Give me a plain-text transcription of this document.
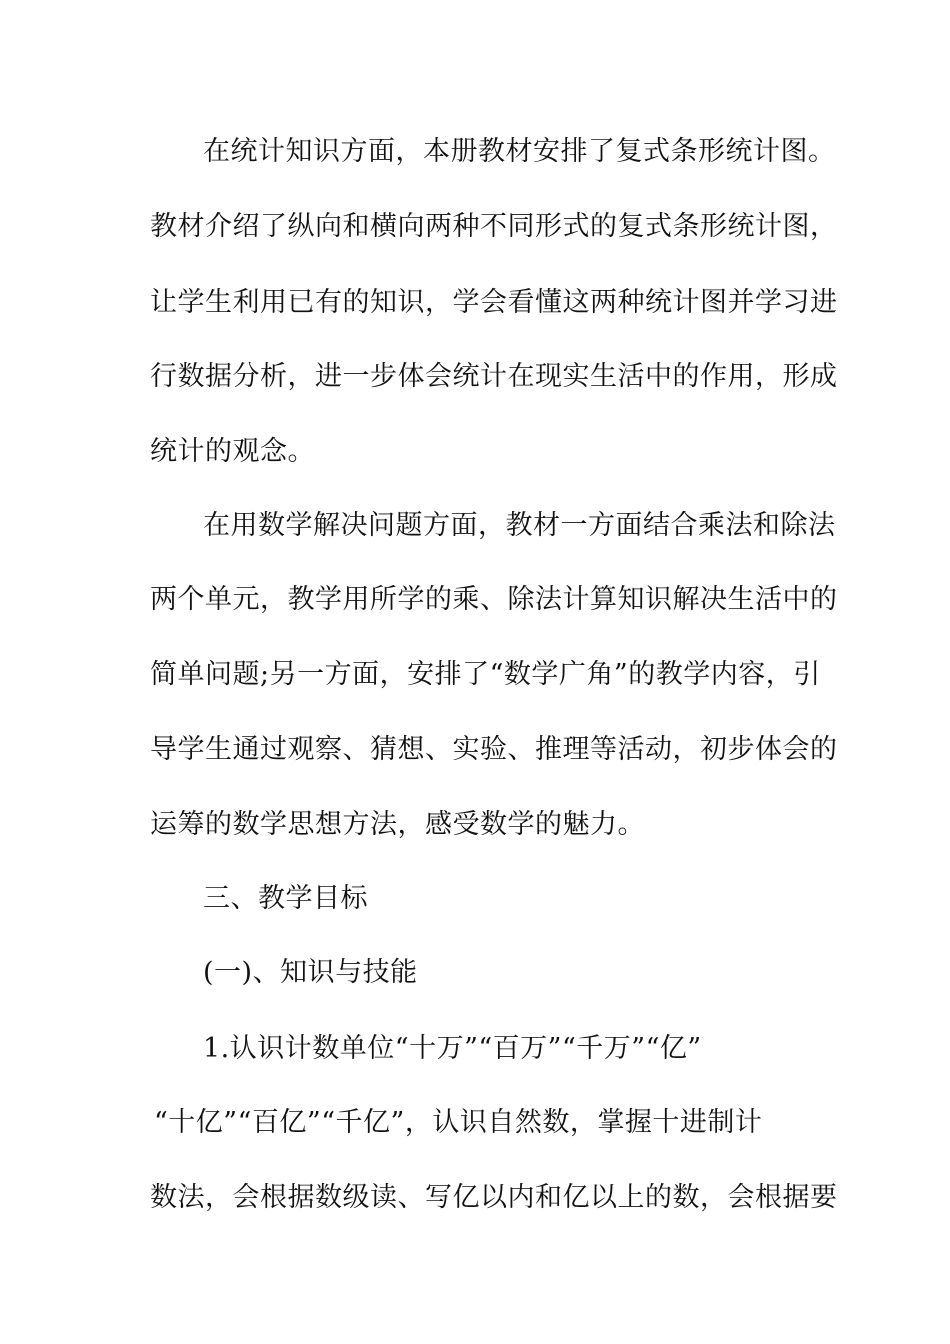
在统计知识方面，本册教材安排了复式条形统计图。
教材介绍了纵向和横向两种不同形式的复式条形统计图，
让学生利用已有的知识，学会看懂这两种统计图并学习进
行数据分析，进一步体会统计在现实生活中的作用，形成
统计的观念。
在用数学解决问题方面，教材一方面结合乘法和除法
两个单元，教学用所学的乘、除法计算知识解决生活中的
简单问题;另一方面，安排了“数学广角”的教学内容，引
导学生通过观察、猜想、实验、推理等活动，初步体会的
运筹的数学思想方法，感受数学的魅力。
三、教学目标
(一)、知识与技能
1.认识计数单位“十万”“百万”“千万”“亿”
“十亿”“百亿”“千亿”，认识自然数，掌握十进制计
数法，会根据数级读、写亿以内和亿以上的数，会根据要
